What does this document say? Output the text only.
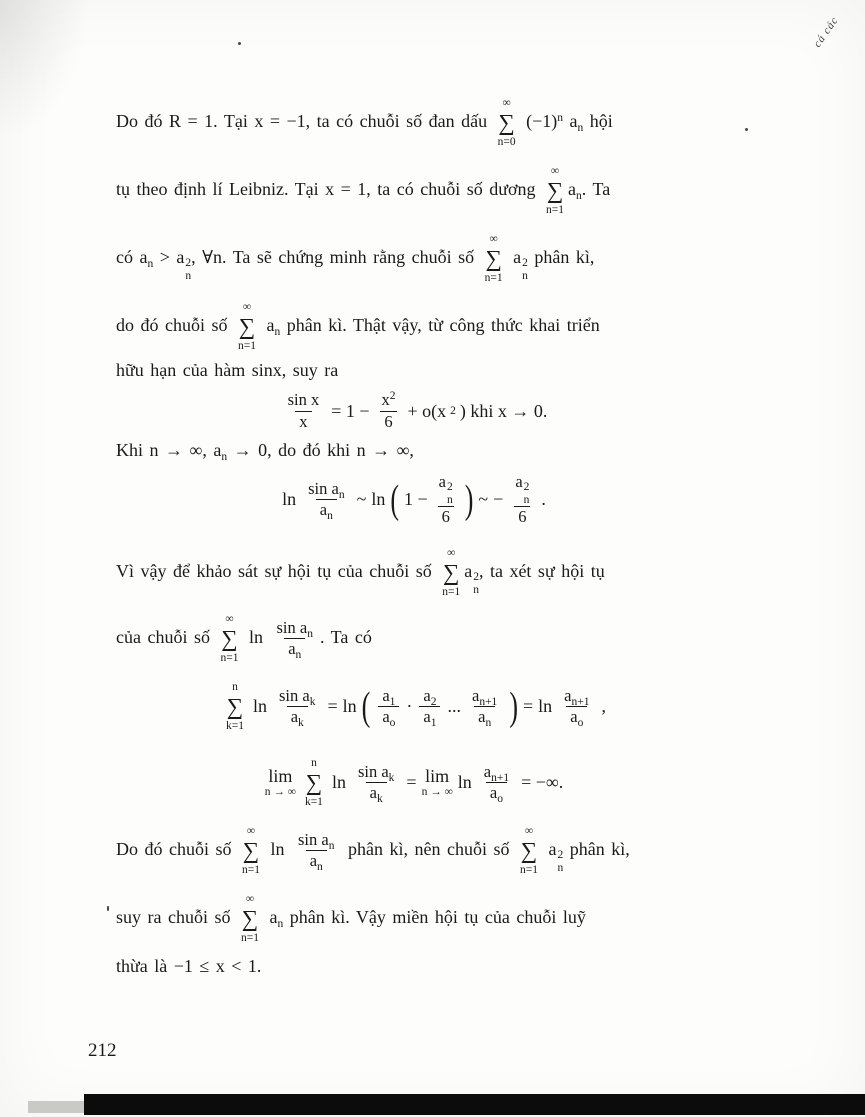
cá các
Do đó R = 1. Tại x = −1, ta có chuỗi số đan dấu
∞
∑
n=0
$(-1)^n$ $a_n$ hội
tụ theo định lí Leibniz. Tại x = 1, ta có chuỗi số dương
∞
∑
n=1
$a_n$. Ta
có $a_n > a$ 2
n
, ∀n. Ta sẽ chứng minh rằng chuỗi số
∞
∑
n=1
a 2
n
phân kì,
do đó chuỗi số
∞
∑
n=1
$a_n$ phân kì. Thật vậy, từ công thức khai triển
hữu hạn của hàm sinx, suy ra
$\frac{\text{sin x}}{x} = 1 - \frac{x^2}{6} + o(x$ 2 ) khi x → 0.
Khi n → ∞, $a_n \to 0$, do đó khi n → ∞,
$\ln \frac{\sin a_n}{a_n}$ ~ ln ( 1 − a 2
n
6 ) ~ − a 2
n
6 .
Vì vậy để khảo sát sự hội tụ của chuỗi số
∞
∑
n=1
a 2
n
, ta xét sự hội tụ
của chuỗi số
∞
∑
n=1
$\ln \frac{\sin a_n}{a_n}$ . Ta có
n
∑
k=1
$\ln \frac{\sin a_k}{a_k} = \ln$ ( $\frac{a_1}{a_o} \cdot \frac{a_2}{a_1}$ ... $\frac{a_{n+1}}{a_n}$ ) = $\ln \frac{a_{n+1}}{a_o}$ ,
lim
n → ∞
n
∑
k=1
$\ln \frac{\sin a_k}{a_k} = \lim$
n → ∞
$\ln \frac{a_{n+1}}{a_o}$ = −∞.
Do đó chuỗi số
∞
∑
n=1
$\ln \frac{\sin a_n}{a_n}$ phân kì, nên chuỗi số
∞
∑
n=1
a 2
n
phân kì,
suy ra chuỗi số
∞
∑
n=1
$a_n$ phân kì. Vậy miền hội tụ của chuỗi luỹ
thừa là −1 ≤ x < 1.
212
